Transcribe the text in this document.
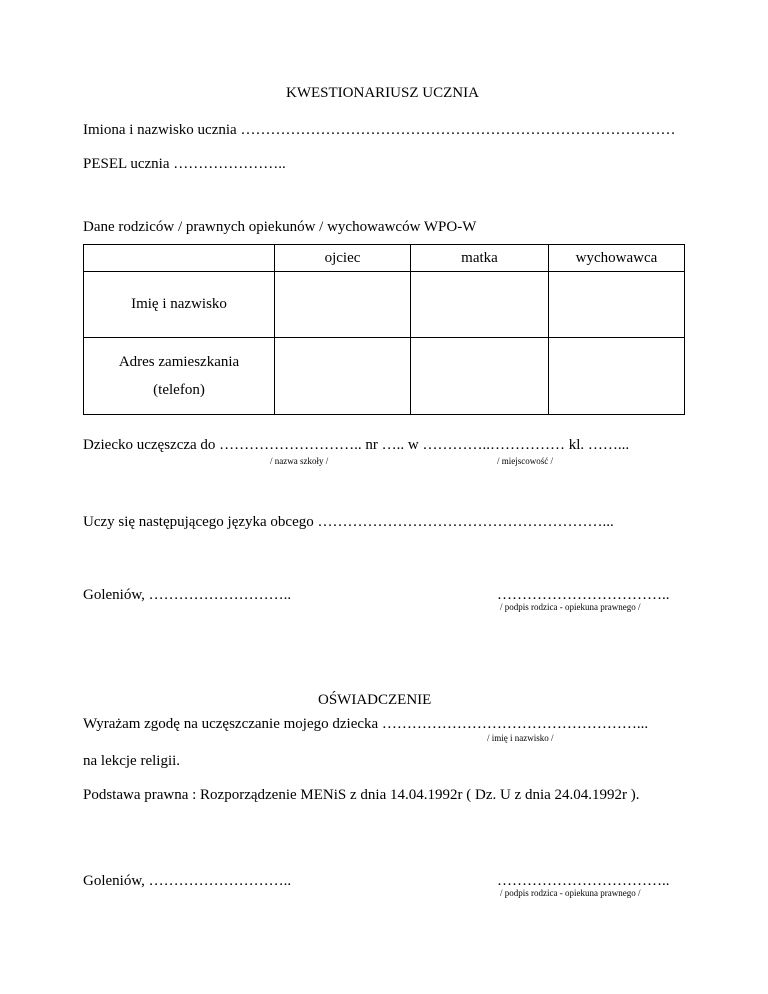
KWESTIONARIUSZ UCZNIA
Imiona i nazwisko ucznia ……………………………………………………………………………
PESEL ucznia …………………..
Dane rodziców / prawnych opiekunów / wychowawców WPO-W
	ojciec	matka	wychowawca
Imię i nazwisko			

Adres zamieszkania
(telefon)			

Dziecko uczęszcza do ……………………….. nr ….. w …………..…………… kl. ……...
/ nazwa szkoły /	/ miejscowość /
Uczy się następującego języka obcego …………………………………………………...
Goleniów, ………………………..	……………………………..
/ podpis rodzica - opiekuna prawnego /
OŚWIADCZENIE
Wyrażam zgodę na uczęszczanie mojego dziecka ……………………………………………...
/ imię i nazwisko /
na lekcje religii.
Podstawa prawna : Rozporządzenie MENiS z dnia 14.04.1992r ( Dz. U z dnia 24.04.1992r ).
Goleniów, ………………………..	……………………………..
/ podpis rodzica - opiekuna prawnego /
